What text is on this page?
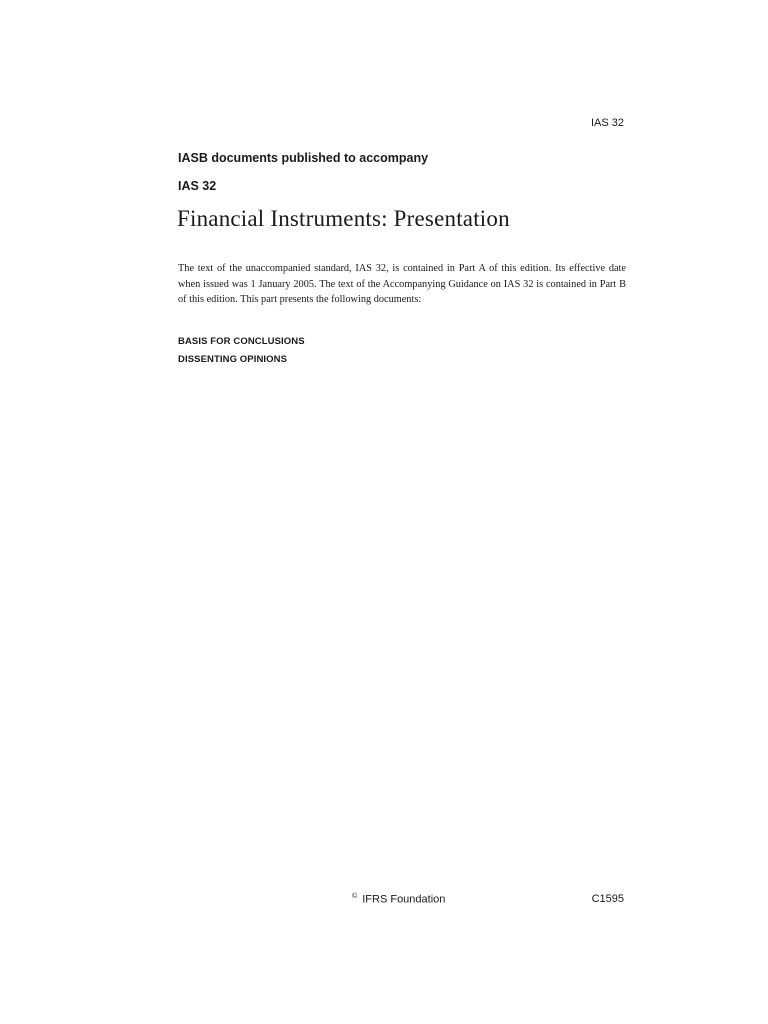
IAS 32
IASB documents published to accompany
IAS 32
Financial Instruments: Presentation

The text of the unaccompanied standard, IAS 32, is contained in Part A of this edition. Its effective date when issued was 1 January 2005. The text of the Accompanying Guidance on IAS 32 is contained in Part B of this edition. This part presents the following documents:

BASIS FOR CONCLUSIONS
DISSENTING OPINIONS
© IFRS Foundation	C1595
